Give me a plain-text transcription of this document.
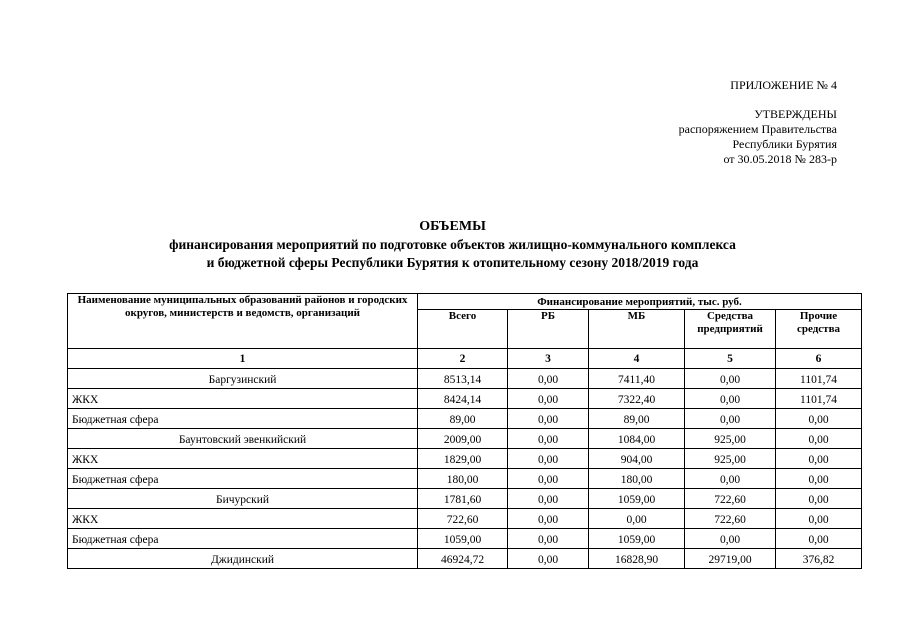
ПРИЛОЖЕНИЕ № 4
УТВЕРЖДЕНЫ
распоряжением Правительства
Республики Бурятия
от 30.05.2018 № 283-р
ОБЪЕМЫ
финансирования мероприятий по подготовке объектов жилищно-коммунального комплекса
и бюджетной сферы Республики Бурятия к отопительному сезону 2018/2019 года
Наименование муниципальных образований районов и городских округов, министерств и ведомств, организаций	Финансирование мероприятий, тыс. руб.				
	Всего	РБ	МБ	Средства предприятий	Прочие средства
1	2	3	4	5	6
Баргузинский	8513,14	0,00	7411,40	0,00	1101,74
ЖКХ	8424,14	0,00	7322,40	0,00	1101,74
Бюджетная сфера	89,00	0,00	89,00	0,00	0,00
Баунтовский эвенкийский	2009,00	0,00	1084,00	925,00	0,00
ЖКХ	1829,00	0,00	904,00	925,00	0,00
Бюджетная сфера	180,00	0,00	180,00	0,00	0,00
Бичурский	1781,60	0,00	1059,00	722,60	0,00
ЖКХ	722,60	0,00	0,00	722,60	0,00
Бюджетная сфера	1059,00	0,00	1059,00	0,00	0,00
Джидинский	46924,72	0,00	16828,90	29719,00	376,82
